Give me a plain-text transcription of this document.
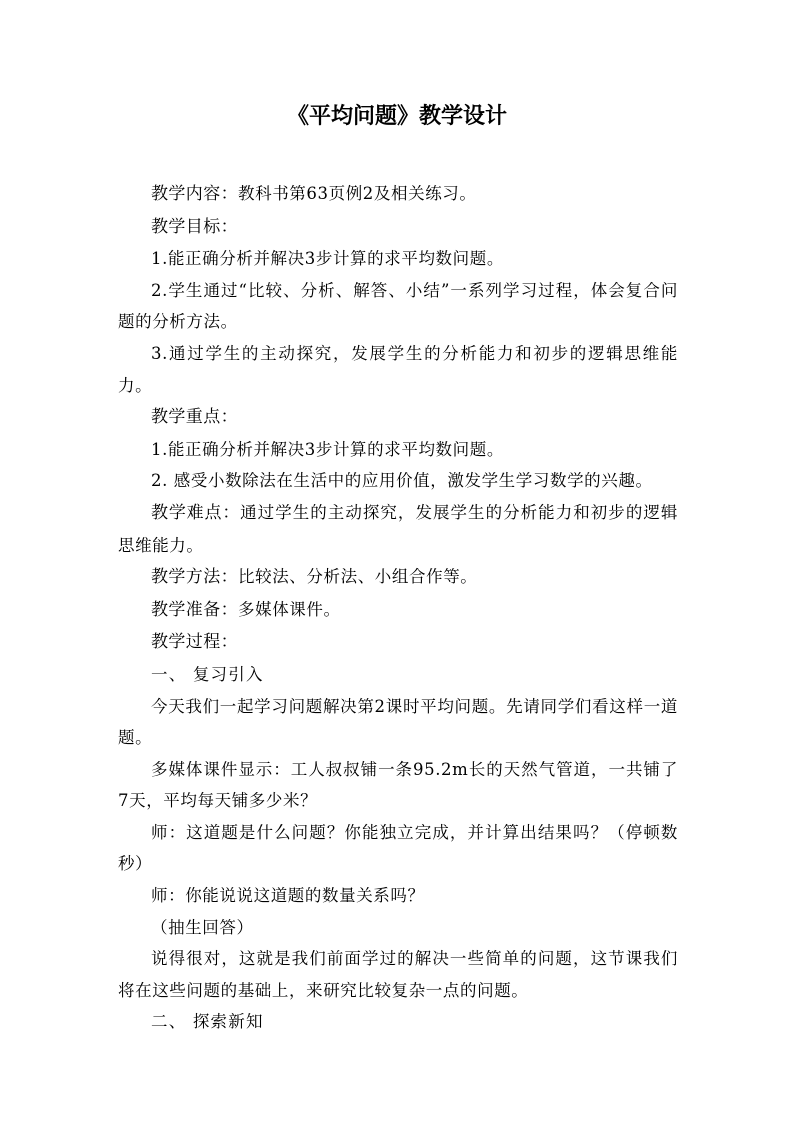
《平均问题》教学设计

教学内容：教科书第63页例2及相关练习。

教学目标：

1.能正确分析并解决3步计算的求平均数问题。

2.学生通过“比较、分析、解答、小结”一系列学习过程，体会复合问题的分析方法。

3.通过学生的主动探究，发展学生的分析能力和初步的逻辑思维能力。

教学重点：

1.能正确分析并解决3步计算的求平均数问题。

2. 感受小数除法在生活中的应用价值，激发学生学习数学的兴趣。

教学难点：通过学生的主动探究，发展学生的分析能力和初步的逻辑思维能力。

教学方法：比较法、分析法、小组合作等。

教学准备：多媒体课件。

教学过程：

一、 复习引入

今天我们一起学习问题解决第2课时平均问题。先请同学们看这样一道题。

多媒体课件显示：工人叔叔铺一条95.2m长的天然气管道，一共铺了7天，平均每天铺多少米？

师：这道题是什么问题？你能独立完成，并计算出结果吗？（停顿数秒）

师：你能说说这道题的数量关系吗？

（抽生回答）

说得很对，这就是我们前面学过的解决一些简单的问题，这节课我们将在这些问题的基础上，来研究比较复杂一点的问题。

二、 探索新知
